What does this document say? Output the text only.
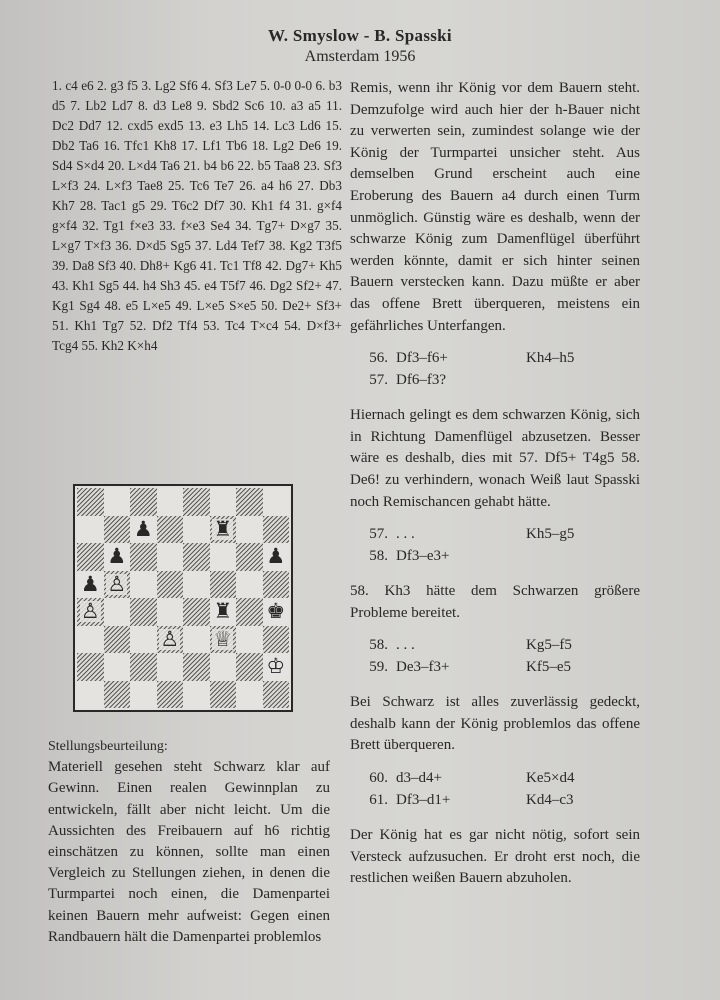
W. Smyslow - B. Spasski
Amsterdam 1956
1. c4 e6 2. g3 f5 3. Lg2 Sf6 4. Sf3 Le7 5. 0-0 0-0 6. b3 d5 7. Lb2 Ld7 8. d3 Le8 9. Sbd2 Sc6 10. a3 a5 11. Dc2 Dd7 12. cxd5 exd5 13. e3 Lh5 14. Lc3 Ld6 15. Db2 Ta6 16. Tfc1 Kh8 17. Lf1 Tb6 18. Lg2 De6 19. Sd4 S×d4 20. L×d4 Ta6 21. b4 b6 22. b5 Taa8 23. Sf3 L×f3 24. L×f3 Tae8 25. Tc6 Te7 26. a4 h6 27. Db3 Kh7 28. Tac1 g5 29. T6c2 Df7 30. Kh1 f4 31. g×f4 g×f4 32. Tg1 f×e3 33. f×e3 Se4 34. Tg7+ D×g7 35. L×g7 T×f3 36. D×d5 Sg5 37. Ld4 Tef7 38. Kg2 T3f5 39. Da8 Sf3 40. Dh8+ Kg6 41. Tc1 Tf8 42. Dg7+ Kh5 43. Kh1 Sg5 44. h4 Sh3 45. e4 T5f7 46. Dg2 Sf2+ 47. Kg1 Sg4 48. e5 L×e5 49. L×e5 S×e5 50. De2+ Sf3+ 51. Kh1 Tg7 52. Df2 Tf4 53. Tc4 T×c4 54. D×f3+ Tcg4 55. Kh2 K×h4
♟	♜
♟	♟
♟ ♙
♙	♜ ♚
♙ ♕
♔
Stellungsbeurteilung:
Materiell gesehen steht Schwarz klar auf Gewinn. Einen realen Gewinnplan zu entwickeln, fällt aber nicht leicht. Um die Aussichten des Freibauern auf h6 richtig einschätzen zu können, sollte man einen Vergleich zu Stellungen ziehen, in denen die Turmpartei noch einen, die Damenpartei keinen Bauern mehr aufweist: Gegen einen Randbauern hält die Damenpartei problemlos

Remis, wenn ihr König vor dem Bauern steht. Demzufolge wird auch hier der h-Bauer nicht zu verwerten sein, zumindest solange wie der König der Turmpartei unsicher steht. Aus demselben Grund erscheint auch eine Eroberung des Bauern a4 durch einen Turm unmöglich. Günstig wäre es deshalb, wenn der schwarze König zum Damenflügel überführt werden könnte, damit er sich hinter seinen Bauern verstecken kann. Dazu müßte er aber das offene Brett überqueren, meistens ein gefährliches Unterfangen.

56. Df3–f6+	Kh4–h5
57. Df6–f3?

Hiernach gelingt es dem schwarzen König, sich in Richtung Damenflügel abzusetzen. Besser wäre es deshalb, dies mit 57. Df5+ T4g5 58. De6! zu verhindern, wonach Weiß laut Spasski noch Remischancen gehabt hätte.

57. . . .	Kh5–g5
58. Df3–e3+

58. Kh3 hätte dem Schwarzen größere Probleme bereitet.

58. . . .	Kg5–f5
59. De3–f3+	Kf5–e5

Bei Schwarz ist alles zuverlässig gedeckt, deshalb kann der König problemlos das offene Brett überqueren.

60. d3–d4+	Ke5×d4
61. Df3–d1+	Kd4–c3

Der König hat es gar nicht nötig, sofort sein Versteck aufzusuchen. Er droht erst noch, die restlichen weißen Bauern abzuholen.
